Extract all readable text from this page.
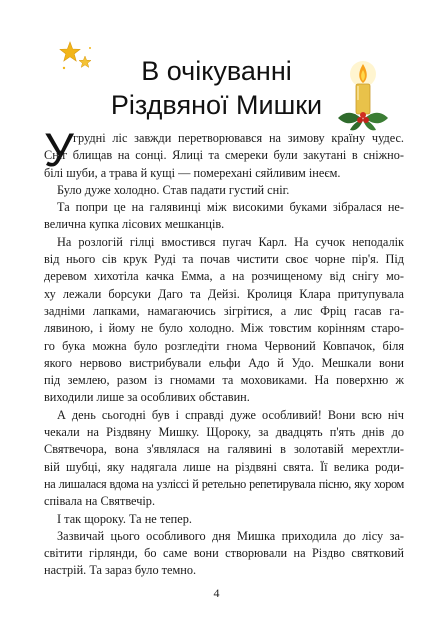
В очікуванні
Різдвяної Мишки
У грудні ліс завжди перетворювався на зимову країну чудес.
Сніг блищав на сонці. Ялиці та смереки були закутані в сніжно-
білі шуби, а трава й кущі — померехані сяйливим інеєм.
Було дуже холодно. Став падати густий сніг.
Та попри це на галявинці між високими буками зібралася не-
велична купка лісових мешканців.
На розлогій гілці вмостився пугач Карл. На сучок неподалік
від нього сів крук Руді та почав чистити своє чорне пір'я. Під
деревом хихотіла качка Емма, а на розчищеному від снігу мо-
ху лежали борсуки Даго та Дейзі. Кролиця Клара притупувала
задніми лапками, намагаючись зігрітися, а лис Фріц гасав га-
лявиною, і йому не було холодно. Між товстим корінням старо-
го бука можна було розгледіти гнома Червоний Ковпачок, біля
якого нервово вистрибували ельфи Адо й Удо. Мешкали вони
під землею, разом із гномами та моховиками. На поверхню ж
виходили лише за особливих обставин.
А день сьогодні був і справді дуже особливий! Вони всю ніч
чекали на Різдвяну Мишку. Щороку, за двадцять п'ять днів до
Святвечора, вона з'являлася на галявині в золотавій мерехтли-
вій шубці, яку надягала лише на різдвяні свята. Її велика роди-
на лишалася вдома на узліссі й ретельно репетирувала пісню, яку хором
співала на Святвечір.
І так щороку. Та не тепер.
Зазвичай цього особливого дня Мишка приходила до лісу за-
світити гірлянди, бо саме вони створювали на Різдво святковий
настрій. Та зараз було темно.
4
